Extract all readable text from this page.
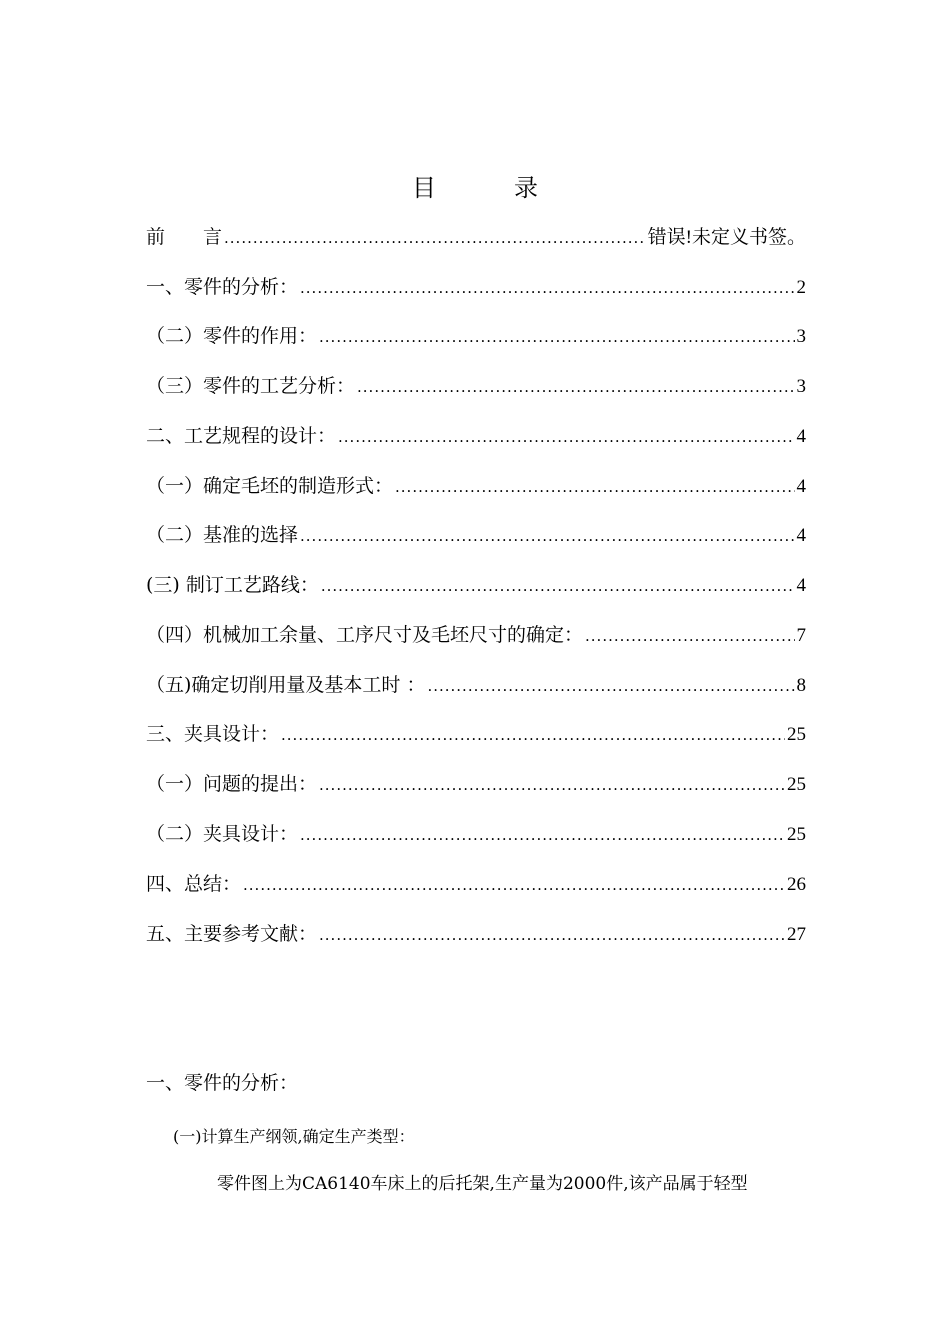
目	录
前　　言 .....	错误!未定义书签。
一、零件的分析： .....	2
（二）零件的作用： .....	3
（三）零件的工艺分析： .....	3
二、工艺规程的设计： .....	4
（一）确定毛坯的制造形式： .....	4
（二）基准的选择 .....	4
(三) 制订工艺路线： .....	4
（四）机械加工余量、工序尺寸及毛坯尺寸的确定： .....	7
（五)确定切削用量及基本工时 ： .....	8
三、夹具设计： .....	25
（一）问题的提出： .....	25
（二）夹具设计： .....	25
四、总结： .....	26
五、主要参考文献： .....	27
一、零件的分析：
(一)计算生产纲领,确定生产类型：
零件图上为CA6140车床上的后托架,生产量为2000件,该产品属于轻型
